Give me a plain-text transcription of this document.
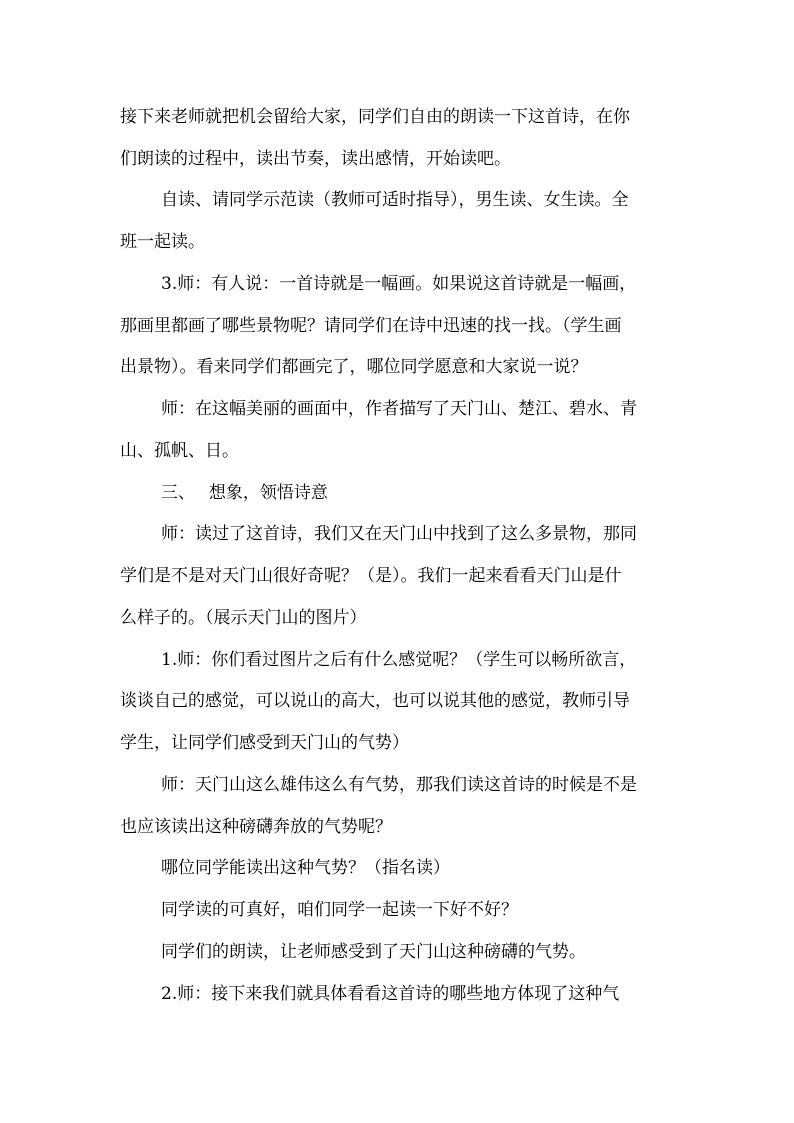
接下来老师就把机会留给大家，同学们自由的朗读一下这首诗，在你

们朗读的过程中，读出节奏，读出感情，开始读吧。

自读、请同学示范读（教师可适时指导），男生读、女生读。全

班一起读。

3.师：有人说：一首诗就是一幅画。如果说这首诗就是一幅画，

那画里都画了哪些景物呢？请同学们在诗中迅速的找一找。（学生画

出景物）。看来同学们都画完了，哪位同学愿意和大家说一说？

师：在这幅美丽的画面中，作者描写了天门山、楚江、碧水、青

山、孤帆、日。

三、　 想象，领悟诗意

师：读过了这首诗，我们又在天门山中找到了这么多景物，那同

学们是不是对天门山很好奇呢？（是）。我们一起来看看天门山是什

么样子的。（展示天门山的图片）

1.师：你们看过图片之后有什么感觉呢？（学生可以畅所欲言，

谈谈自己的感觉，可以说山的高大，也可以说其他的感觉，教师引导

学生，让同学们感受到天门山的气势）

师：天门山这么雄伟这么有气势，那我们读这首诗的时候是不是

也应该读出这种磅礴奔放的气势呢？

哪位同学能读出这种气势？（指名读）

同学读的可真好，咱们同学一起读一下好不好？

同学们的朗读，让老师感受到了天门山这种磅礴的气势。

2.师：接下来我们就具体看看这首诗的哪些地方体现了这种气
